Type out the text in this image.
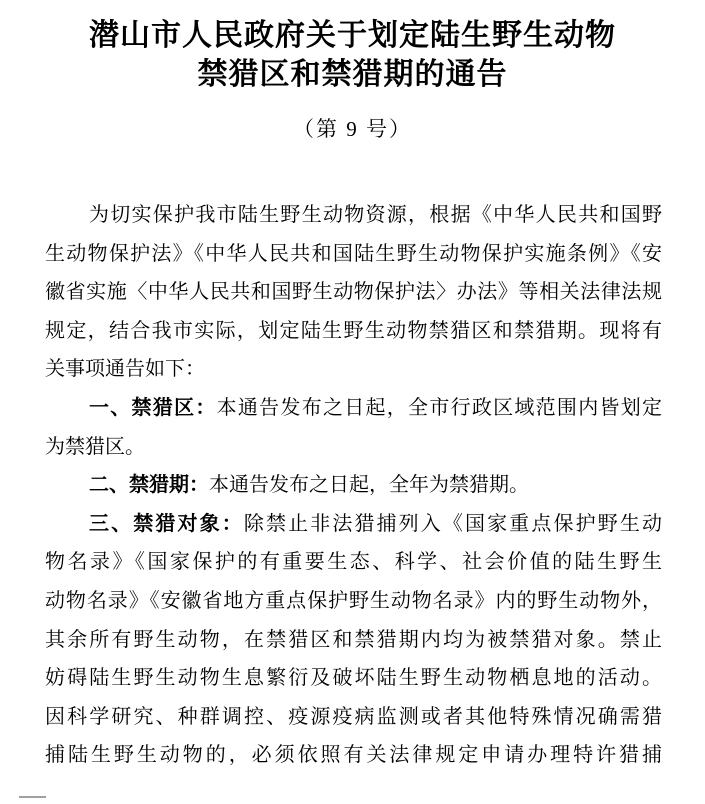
潜山市人民政府关于划定陆生野生动物
禁猎区和禁猎期的通告
（第 9 号）
为切实保护我市陆生野生动物资源，根据《中华人民共和国野
生动物保护法》《中华人民共和国陆生野生动物保护实施条例》《安
徽省实施〈中华人民共和国野生动物保护法〉办法》等相关法律法规
规定，结合我市实际，划定陆生野生动物禁猎区和禁猎期。现将有
关事项通告如下：
一、禁猎区：本通告发布之日起，全市行政区域范围内皆划定
为禁猎区。
二、禁猎期：本通告发布之日起，全年为禁猎期。
三、禁猎对象：除禁止非法猎捕列入《国家重点保护野生动
物名录》《国家保护的有重要生态、科学、社会价值的陆生野生
动物名录》《安徽省地方重点保护野生动物名录》内的野生动物外，
其余所有野生动物，在禁猎区和禁猎期内均为被禁猎对象。禁止
妨碍陆生野生动物生息繁衍及破坏陆生野生动物栖息地的活动。
因科学研究、种群调控、疫源疫病监测或者其他特殊情况确需猎
捕陆生野生动物的，必须依照有关法律规定申请办理特许猎捕
